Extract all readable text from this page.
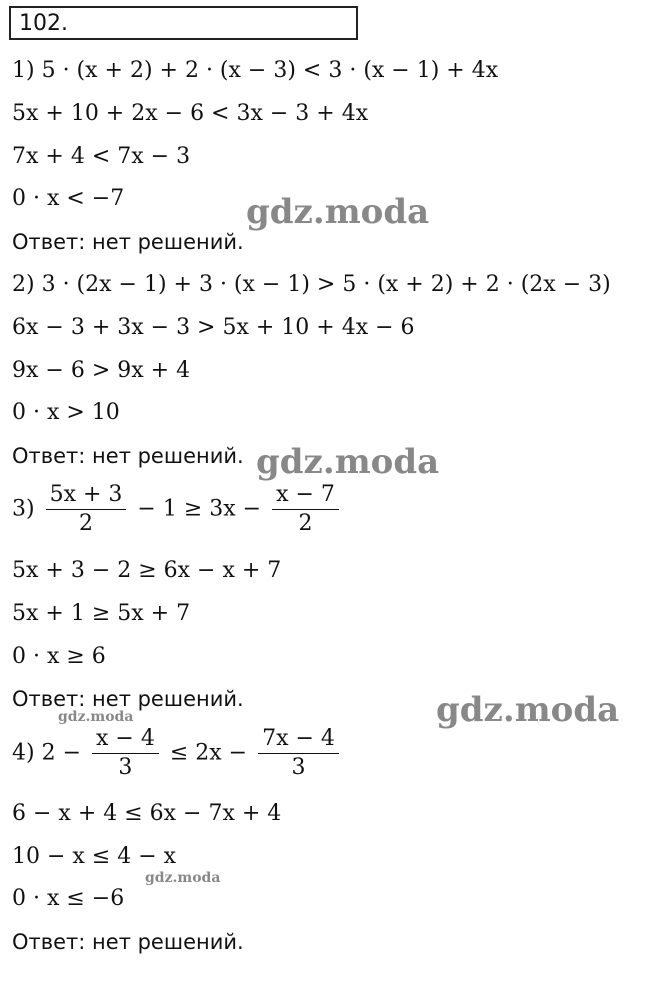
102.
1) 5 · (x + 2) + 2 · (x − 3) < 3 · (x − 1) + 4x
5x + 10 + 2x − 6 < 3x − 3 + 4x
7x + 4 < 7x − 3
0 · x < −7
Ответ: нет решений.
2) 3 · (2x − 1) + 3 · (x − 1) > 5 · (x + 2) + 2 · (2x − 3)
6x − 3 + 3x − 3 > 5x + 10 + 4x − 6
9x − 6 > 9x + 4
0 · x > 10
Ответ: нет решений.
$3) \frac{5x + 3}{2} - 1 \ge 3x - \frac{x - 7}{2}$
5x + 3 − 2 ≥ 6x − x + 7
5x + 1 ≥ 5x + 7
0 · x ≥ 6
Ответ: нет решений.
4) $2 - \frac{x - 4}{3} \le 2x - \frac{7x - 4}{3}$
6 − x + 4 ≤ 6x − 7x + 4
10 − x ≤ 4 − x
0 · x ≤ −6
Ответ: нет решений.
gdz.moda
gdz.moda
gdz.moda
gdz.moda
gdz.moda
